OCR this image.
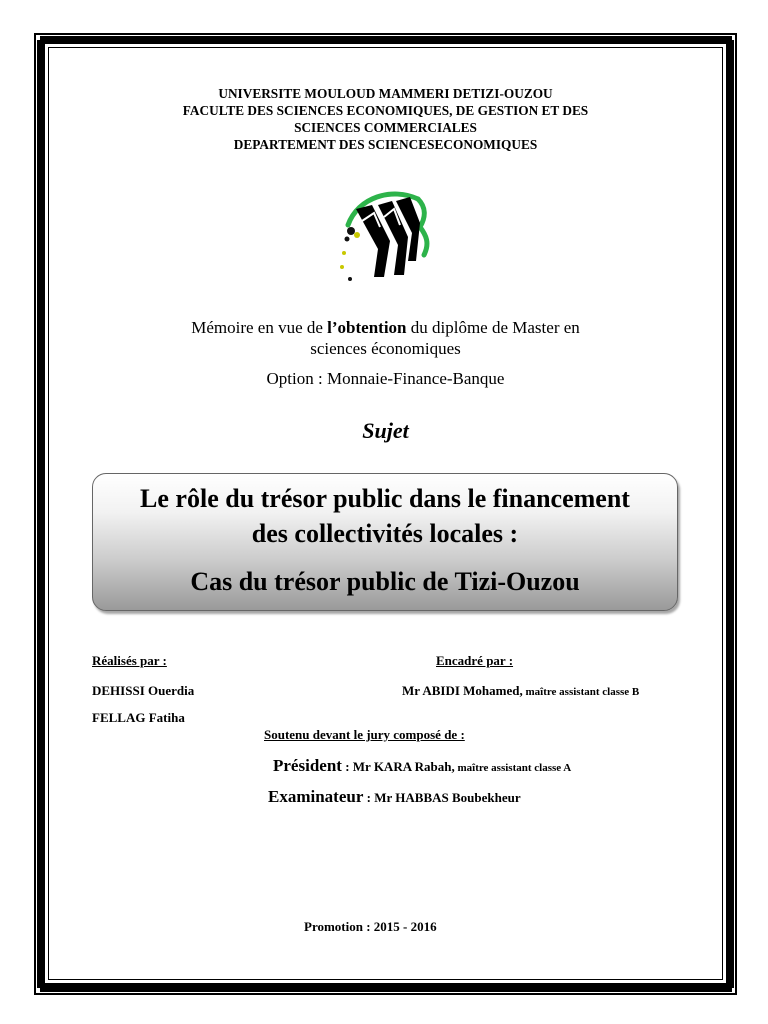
UNIVERSITE MOULOUD MAMMERI DETIZI-OUZOU
FACULTE DES SCIENCES ECONOMIQUES, DE GESTION ET DES
SCIENCES COMMERCIALES
DEPARTEMENT DES SCIENCESECONOMIQUES
Mémoire en vue de l’obtention du diplôme de Master en
sciences économiques
Option : Monnaie-Finance-Banque
Sujet
Le rôle du trésor public dans le financement
des collectivités locales :
Cas du trésor public de Tizi-Ouzou
Réalisés par :
DEHISSI Ouerdia
FELLAG Fatiha
Encadré par :
Mr ABIDI Mohamed, maître assistant classe B
Soutenu devant le jury composé de :
Président : Mr KARA Rabah, maître assistant classe A
Examinateur : Mr HABBAS Boubekheur
Promotion : 2015 - 2016
